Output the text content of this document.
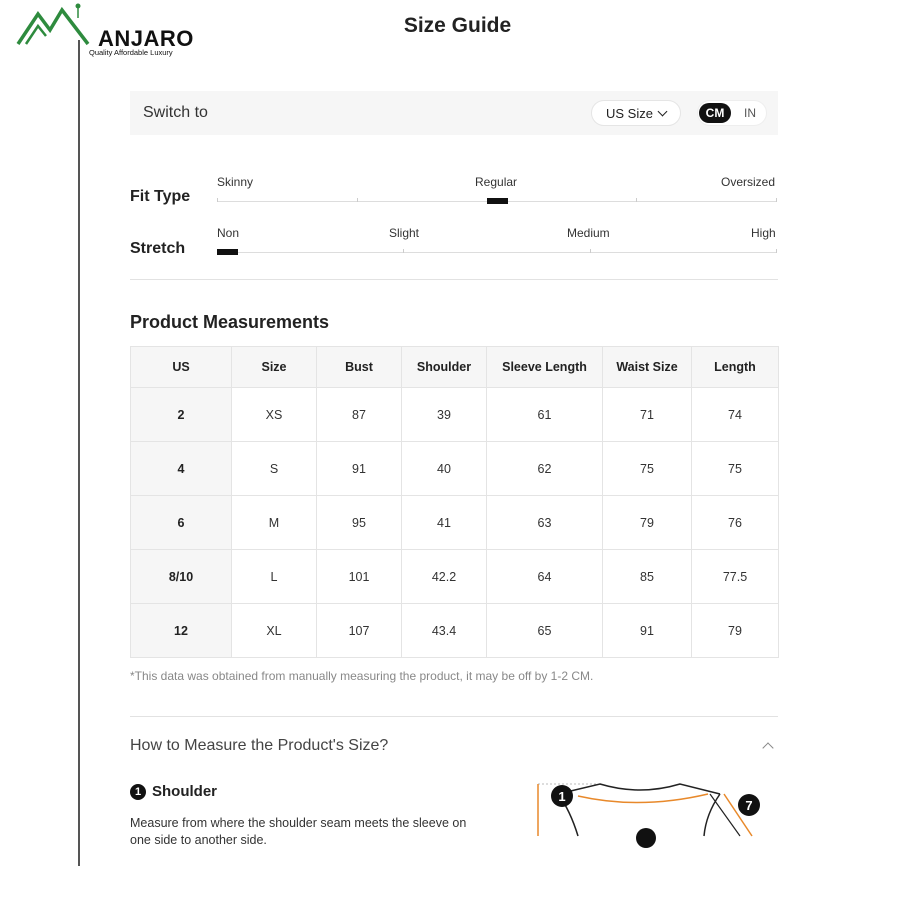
ANJARO
Quality Affordable Luxury
Size Guide
Switch to	US Size	CM	IN
Fit Type
Skinny	Regular	Oversized
Stretch
Non	Slight	Medium	High
Product Measurements
US	Size	Bust	Shoulder	Sleeve Length	Waist Size	Length
2	XS	87	39	61	71	74
4	S	91	40	62	75	75
6	M	95	41	63	79	76
8/10	L	101	42.2	64	85	77.5
12	XL	107	43.4	65	91	79
*This data was obtained from manually measuring the product, it may be off by 1-2 CM.
How to Measure the Product's Size?
1 Shoulder
Measure from where the shoulder seam meets the sleeve on one side to another side.
1
7
